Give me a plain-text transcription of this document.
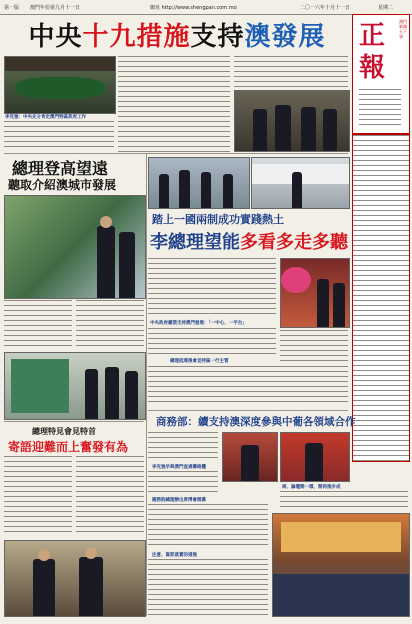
第一版 澳門年份第九月十一日	網址 http://www.shengpan.com.mo	二〇一六年十月十一日	星期二
中央 十九措施 支持 澳發展 正
報
澳門新聞天下事
李克強：中央充分肯定澳門特區政府工作
總理登高望遠
聽取介紹澳城市發展
踏上一國兩制成功實踐熱土
李總理望能多看多走多聽
中央政府嚴禁支持澳門發展：「一中心、一平台」
總理抵達後會見特區一行主管
商務部：續支持澳深度參與中葡各領域合作
李克強早與澳門直通聯絡體
國務院總理辦出席博會開幕
商、論壇開一環、開再推步成
注意、資訊落實的措施
總理特見會見特首
寄語迎難而上奮發有為
